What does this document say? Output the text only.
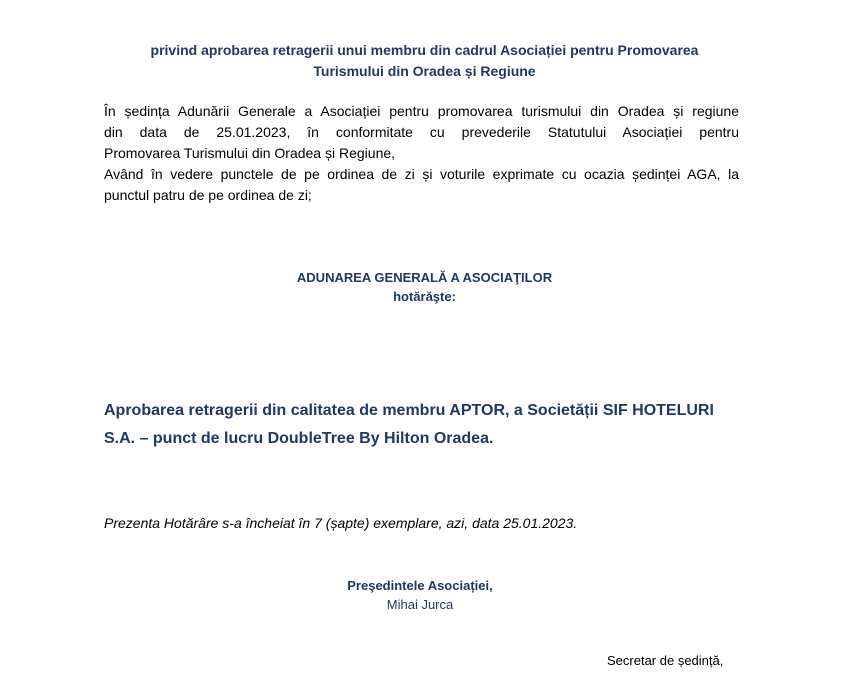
privind aprobarea retragerii unui membru din cadrul Asociației pentru Promovarea
Turismului din Oradea și Regiune
În ședința Adunării Generale a Asociației pentru promovarea turismului din Oradea și regiune
din data de 25.01.2023, în conformitate cu prevederile Statutului Asociației pentru
Promovarea Turismului din Oradea și Regiune,
Având în vedere punctele de pe ordinea de zi și voturile exprimate cu ocazia ședinței AGA, la
punctul patru de pe ordinea de zi;
ADUNAREA GENERALĂ A ASOCIAŢILOR
hotărăşte:
Aprobarea retragerii din calitatea de membru APTOR, a Societății SIF HOTELURI
S.A. – punct de lucru DoubleTree By Hilton Oradea.
Prezenta Hotărâre s-a încheiat în 7 (șapte) exemplare, azi, data 25.01.2023.
Preşedintele Asociației,
Mihai Jurca
Secretar de ședință,
